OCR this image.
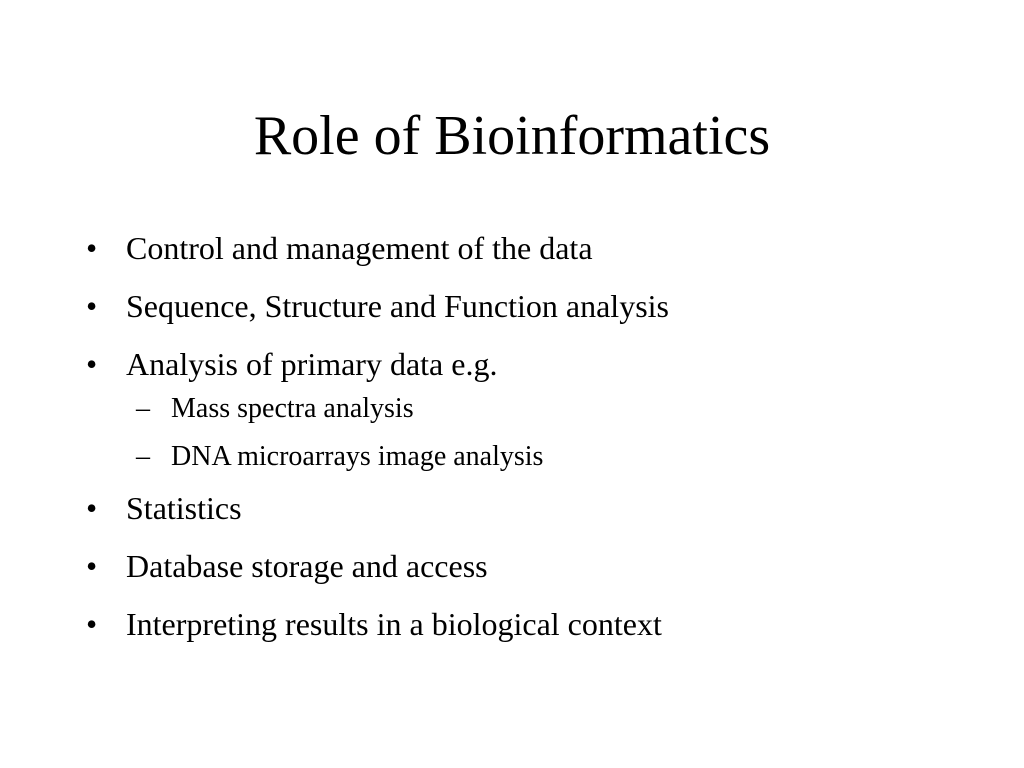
Role of Bioinformatics
• Control and management of the data
• Sequence, Structure and Function analysis
• Analysis of primary data e.g.
– Mass spectra analysis
– DNA microarrays image analysis
• Statistics
• Database storage and access
• Interpreting results in a biological context
